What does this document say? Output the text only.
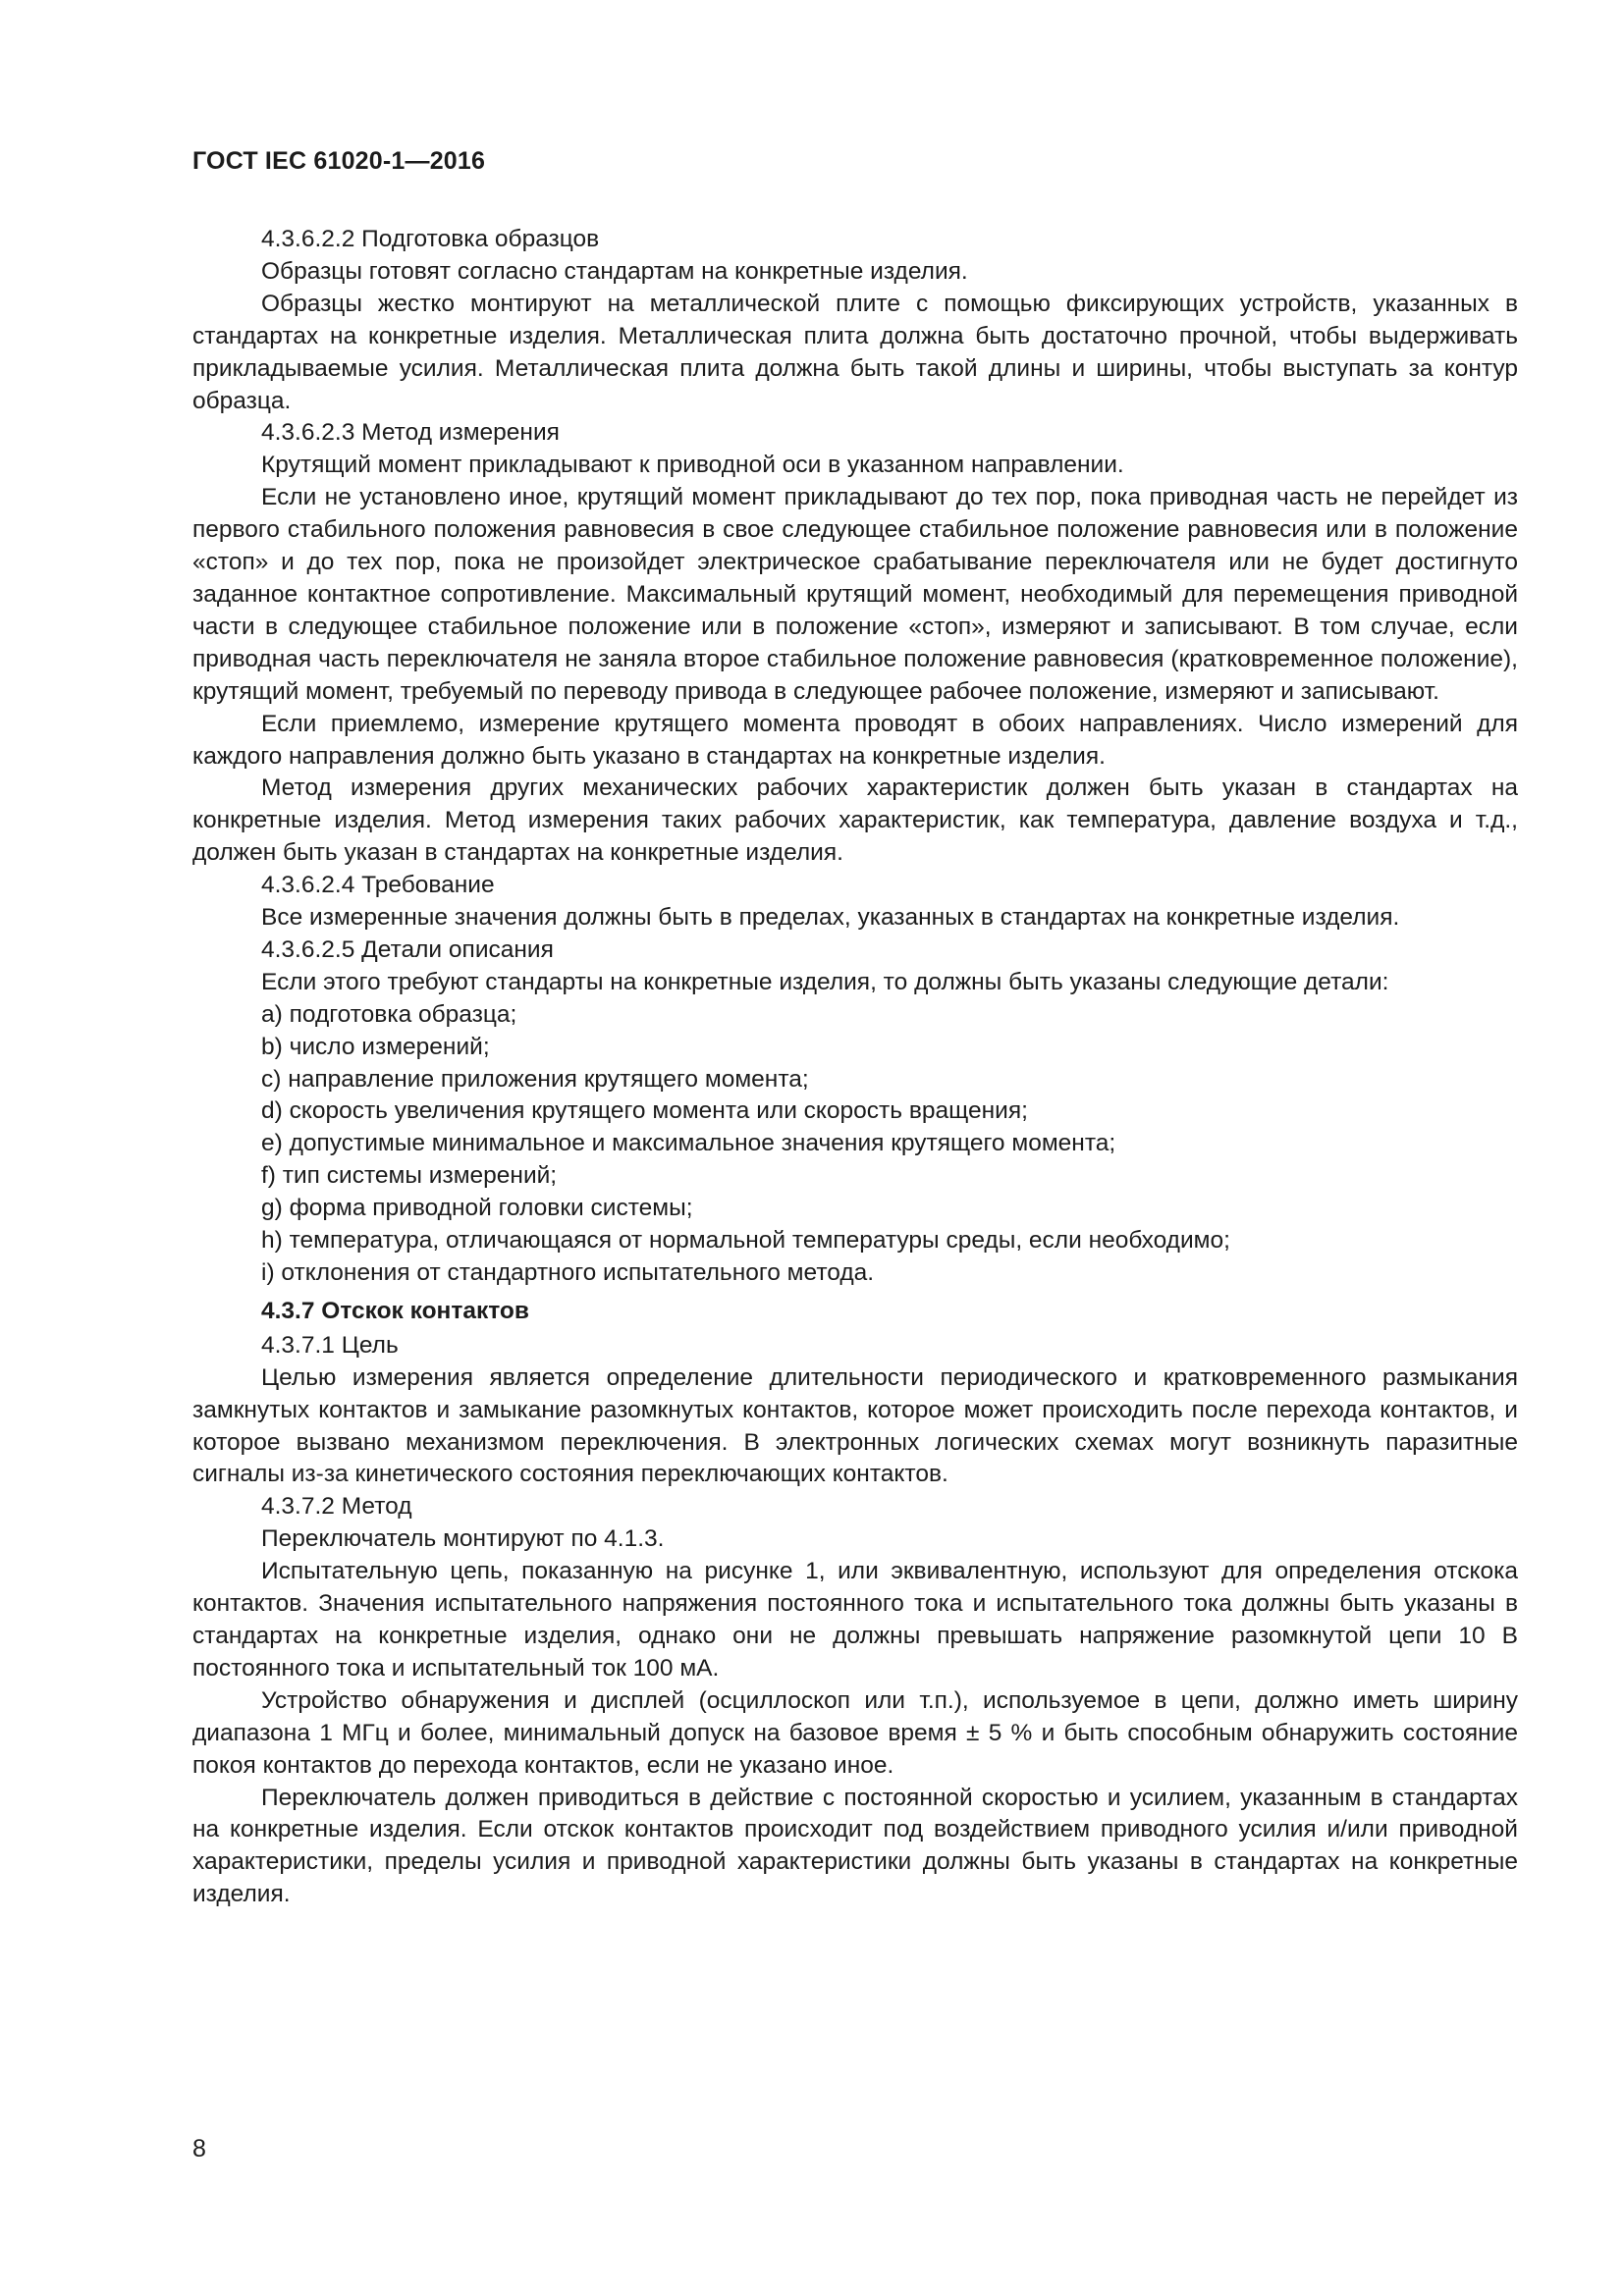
ГОСТ IEC 61020-1—2016

4.3.6.2.2 Подготовка образцов

Образцы готовят согласно стандартам на конкретные изделия.

Образцы жестко монтируют на металлической плите с помощью фиксирующих устройств, указанных в стандартах на конкретные изделия. Металлическая плита должна быть достаточно прочной, чтобы выдерживать прикладываемые усилия. Металлическая плита должна быть такой длины и ширины, чтобы выступать за контур образца.

4.3.6.2.3 Метод измерения

Крутящий момент прикладывают к приводной оси в указанном направлении.

Если не установлено иное, крутящий момент прикладывают до тех пор, пока приводная часть не перейдет из первого стабильного положения равновесия в свое следующее стабильное положение равновесия или в положение «стоп» и до тех пор, пока не произойдет электрическое срабатывание переключателя или не будет достигнуто заданное контактное сопротивление. Максимальный крутящий момент, необходимый для перемещения приводной части в следующее стабильное положение или в положение «стоп», измеряют и записывают. В том случае, если приводная часть переключателя не заняла второе стабильное положение равновесия (кратковременное положение), крутящий момент, требуемый по переводу привода в следующее рабочее положение, измеряют и записывают.

Если приемлемо, измерение крутящего момента проводят в обоих направлениях. Число измерений для каждого направления должно быть указано в стандартах на конкретные изделия.

Метод измерения других механических рабочих характеристик должен быть указан в стандартах на конкретные изделия. Метод измерения таких рабочих характеристик, как температура, давление воздуха и т.д., должен быть указан в стандартах на конкретные изделия.

4.3.6.2.4 Требование

Все измеренные значения должны быть в пределах, указанных в стандартах на конкретные изделия.

4.3.6.2.5 Детали описания

Если этого требуют стандарты на конкретные изделия, то должны быть указаны следующие детали:

a) подготовка образца;

b) число измерений;

c) направление приложения крутящего момента;

d) скорость увеличения крутящего момента или скорость вращения;

e) допустимые минимальное и максимальное значения крутящего момента;

f) тип системы измерений;

g) форма приводной головки системы;

h) температура, отличающаяся от нормальной температуры среды, если необходимо;

i) отклонения от стандартного испытательного метода.

4.3.7 Отскок контактов

4.3.7.1 Цель

Целью измерения является определение длительности периодического и кратковременного размыкания замкнутых контактов и замыкание разомкнутых контактов, которое может происходить после перехода контактов, и которое вызвано механизмом переключения. В электронных логических схемах могут возникнуть паразитные сигналы из-за кинетического состояния переключающих контактов.

4.3.7.2 Метод

Переключатель монтируют по 4.1.3.

Испытательную цепь, показанную на рисунке 1, или эквивалентную, используют для определения отскока контактов. Значения испытательного напряжения постоянного тока и испытательного тока должны быть указаны в стандартах на конкретные изделия, однако они не должны превышать напряжение разомкнутой цепи 10 В постоянного тока и испытательный ток 100 мА.

Устройство обнаружения и дисплей (осциллоскоп или т.п.), используемое в цепи, должно иметь ширину диапазона 1 МГц и более, минимальный допуск на базовое время ± 5 % и быть способным обнаружить состояние покоя контактов до перехода контактов, если не указано иное.

Переключатель должен приводиться в действие с постоянной скоростью и усилием, указанным в стандартах на конкретные изделия. Если отскок контактов происходит под воздействием приводного усилия и/или приводной характеристики, пределы усилия и приводной характеристики должны быть указаны в стандартах на конкретные изделия.

8
